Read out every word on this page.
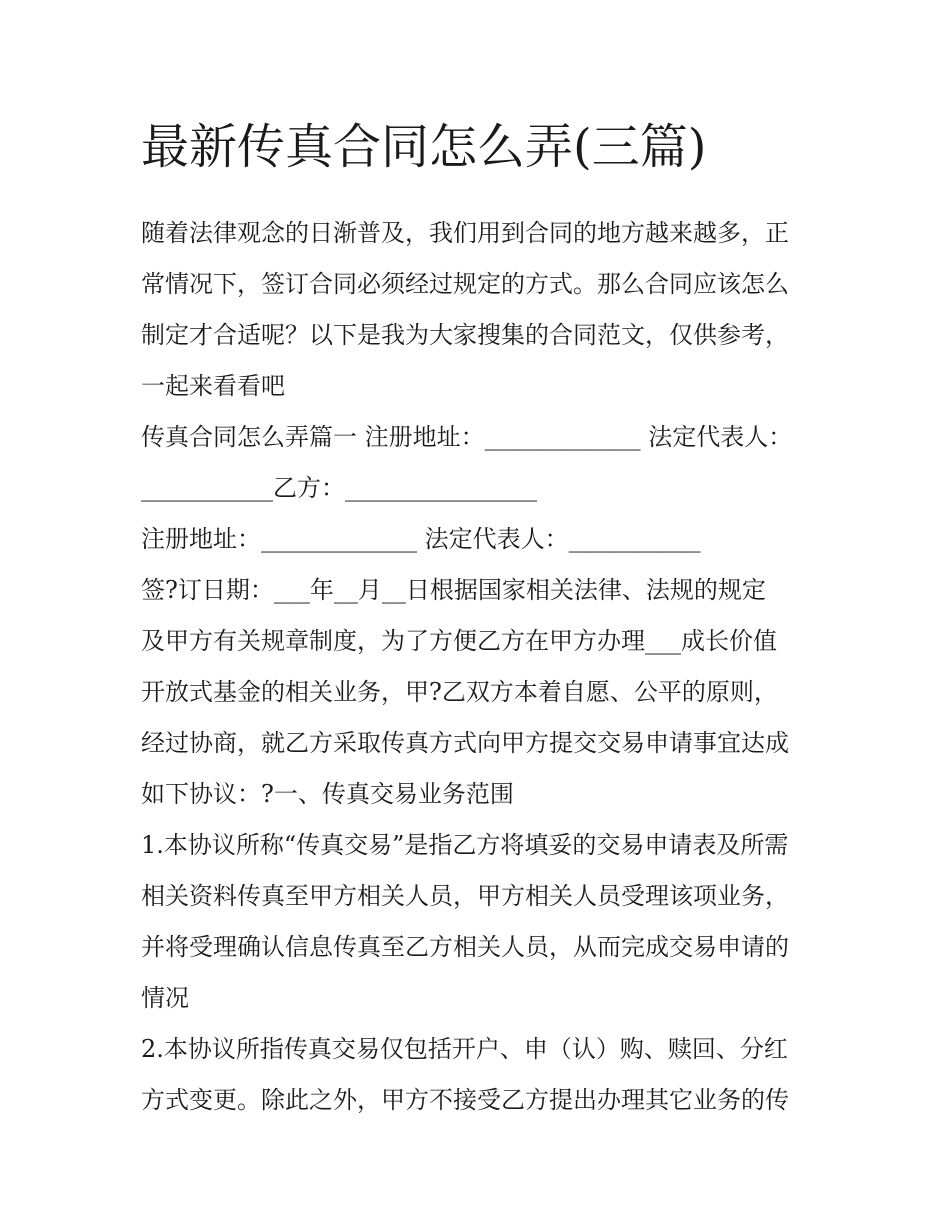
最新传真合同怎么弄(三篇)

随着法律观念的日渐普及，我们用到合同的地方越来越多，正
常情况下，签订合同必须经过规定的方式。那么合同应该怎么
制定才合适呢？以下是我为大家搜集的合同范文，仅供参考，
一起来看看吧

传真合同怎么弄篇一 注册地址：_____________ 法定代表人：
___________乙方：________________

注册地址：_____________ 法定代表人：___________

签?订日期：___年__月__日根据国家相关法律、法规的规定
及甲方有关规章制度，为了方便乙方在甲方办理___成长价值
开放式基金的相关业务，甲?乙双方本着自愿、公平的原则，
经过协商，就乙方采取传真方式向甲方提交交易申请事宜达成
如下协议：?一、传真交易业务范围

1.本协议所称“传真交易”是指乙方将填妥的交易申请表及所需
相关资料传真至甲方相关人员，甲方相关人员受理该项业务，
并将受理确认信息传真至乙方相关人员，从而完成交易申请的
情况

2.本协议所指传真交易仅包括开户、申（认）购、赎回、分红
方式变更。除此之外，甲方不接受乙方提出办理其它业务的传
